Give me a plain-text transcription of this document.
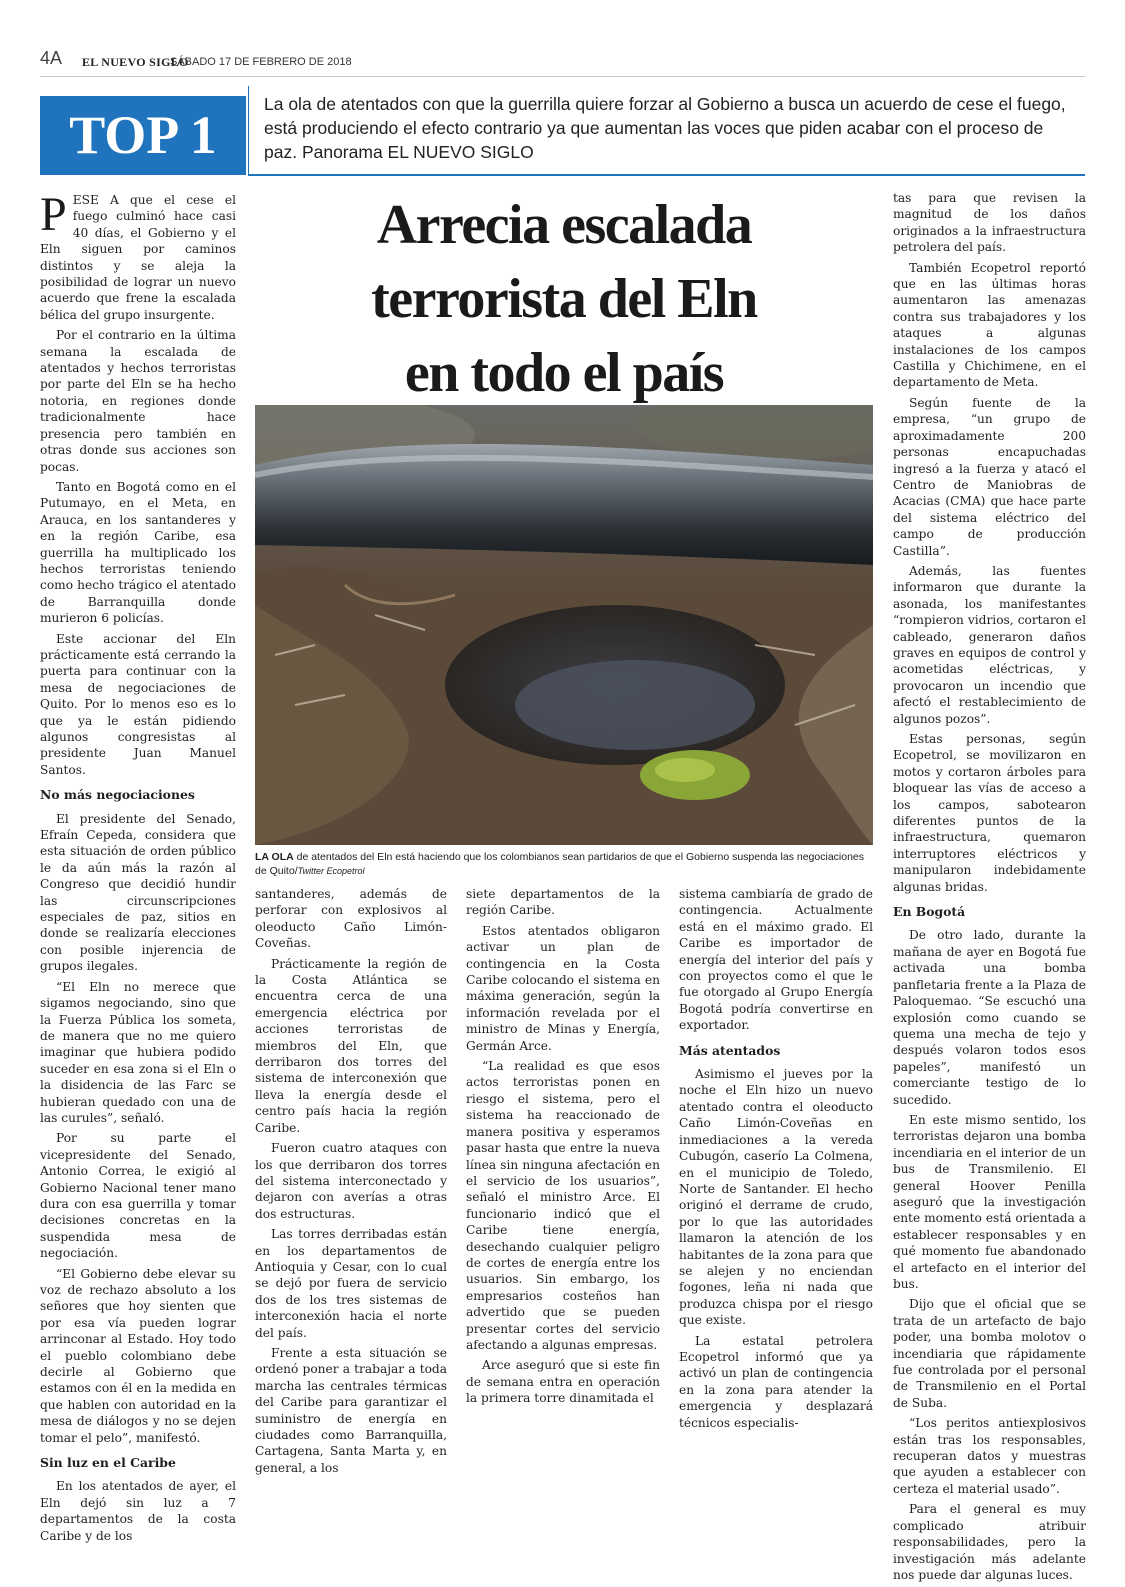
4A EL NUEVO SIGLO
SÁBADO 17 DE FEBRERO DE 2018
TOP 1
La ola de atentados con que la guerrilla quiere forzar al Gobierno a busca un acuerdo de cese el fuego, está produciendo el efecto contrario ya que aumentan las voces que piden acabar con el proceso de paz. Panorama EL NUEVO SIGLO
Arrecia escalada
terrorista del Eln
en todo el país
LA OLA de atentados del Eln está haciendo que los colombianos sean partidarios de que el Gobierno suspenda las negociaciones de Quito/Twitter Ecopetrol

PESE A que el cese el fuego culminó hace casi 40 días, el Gobierno y el Eln siguen por caminos distintos y se aleja la posibilidad de lograr un nuevo acuerdo que frene la escalada bélica del grupo insurgente.

Por el contrario en la última semana la escalada de atentados y hechos terroristas por parte del Eln se ha hecho notoria, en regiones donde tradicionalmente hace presencia pero también en otras donde sus acciones son pocas.

Tanto en Bogotá como en el Putumayo, en el Meta, en Arauca, en los santanderes y en la región Caribe, esa guerrilla ha multiplicado los hechos terroristas teniendo como hecho trágico el atentado de Barranquilla donde murieron 6 policías.

Este accionar del Eln prácticamente está cerrando la puerta para continuar con la mesa de negociaciones de Quito. Por lo menos eso es lo que ya le están pidiendo algunos congresistas al presidente Juan Manuel Santos.

No más negociaciones

El presidente del Senado, Efraín Cepeda, considera que esta situación de orden público le da aún más la razón al Congreso que decidió hundir las circunscripciones especiales de paz, sitios en donde se realizaría elecciones con posible injerencia de grupos ilegales.

“El Eln no merece que sigamos negociando, sino que la Fuerza Pública los someta, de manera que no me quiero imaginar que hubiera podido suceder en esa zona si el Eln o la disidencia de las Farc se hubieran quedado con una de las curules”, señaló.

Por su parte el vicepresidente del Senado, Antonio Correa, le exigió al Gobierno Nacional tener mano dura con esa guerrilla y tomar decisiones concretas en la suspendida mesa de negociación.

“El Gobierno debe elevar su voz de rechazo absoluto a los señores que hoy sienten que por esa vía pueden lograr arrinconar al Estado. Hoy todo el pueblo colombiano debe decirle al Gobierno que estamos con él en la medida en que hablen con autoridad en la mesa de diálogos y no se dejen tomar el pelo”, manifestó.

Sin luz en el Caribe

En los atentados de ayer, el Eln dejó sin luz a 7 departamentos de la costa Caribe y de los

santanderes, además de perforar con explosivos al oleoducto Caño Limón-Coveñas.

Prácticamente la región de la Costa Atlántica se encuentra cerca de una emergencia eléctrica por acciones terroristas de miembros del Eln, que derribaron dos torres del sistema de interconexión que lleva la energía desde el centro país hacia la región Caribe.

Fueron cuatro ataques con los que derribaron dos torres del sistema interconectado y dejaron con averías a otras dos estructuras.

Las torres derribadas están en los departamentos de Antioquia y Cesar, con lo cual se dejó por fuera de servicio dos de los tres sistemas de interconexión hacia el norte del país.

Frente a esta situación se ordenó poner a trabajar a toda marcha las centrales térmicas del Caribe para garantizar el suministro de energía en ciudades como Barranquilla, Cartagena, Santa Marta y, en general, a los

siete departamentos de la región Caribe.

Estos atentados obligaron activar un plan de contingencia en la Costa Caribe colocando el sistema en máxima generación, según la información revelada por el ministro de Minas y Energía, Germán Arce.

“La realidad es que esos actos terroristas ponen en riesgo el sistema, pero el sistema ha reaccionado de manera positiva y esperamos pasar hasta que entre la nueva línea sin ninguna afectación en el servicio de los usuarios”, señaló el ministro Arce. El funcionario indicó que el Caribe tiene energía, desechando cualquier peligro de cortes de energía entre los usuarios. Sin embargo, los empresarios costeños han advertido que se pueden presentar cortes del servicio afectando a algunas empresas.

Arce aseguró que si este fin de semana entra en operación la primera torre dinamitada el

sistema cambiaría de grado de contingencia. Actualmente está en el máximo grado. El Caribe es importador de energía del interior del país y con proyectos como el que le fue otorgado al Grupo Energía Bogotá podría convertirse en exportador.

Más atentados

Asimismo el jueves por la noche el Eln hizo un nuevo atentado contra el oleoducto Caño Limón-Coveñas en inmediaciones a la vereda Cubugón, caserío La Colmena, en el municipio de Toledo, Norte de Santander. El hecho originó el derrame de crudo, por lo que las autoridades llamaron la atención de los habitantes de la zona para que se alejen y no enciendan fogones, leña ni nada que produzca chispa por el riesgo que existe.

La estatal petrolera Ecopetrol informó que ya activó un plan de contingencia en la zona para atender la emergencia y desplazará técnicos especialis-

tas para que revisen la magnitud de los daños originados a la infraestructura petrolera del país.

También Ecopetrol reportó que en las últimas horas aumentaron las amenazas contra sus trabajadores y los ataques a algunas instalaciones de los campos Castilla y Chichimene, en el departamento de Meta.

Según fuente de la empresa, “un grupo de aproximadamente 200 personas encapuchadas ingresó a la fuerza y atacó el Centro de Maniobras de Acacias (CMA) que hace parte del sistema eléctrico del campo de producción Castilla”.

Además, las fuentes informaron que durante la asonada, los manifestantes “rompieron vidrios, cortaron el cableado, generaron daños graves en equipos de control y acometidas eléctricas, y provocaron un incendio que afectó el restablecimiento de algunos pozos”.

Estas personas, según Ecopetrol, se movilizaron en motos y cortaron árboles para bloquear las vías de acceso a los campos, sabotearon diferentes puntos de la infraestructura, quemaron interruptores eléctricos y manipularon indebidamente algunas bridas.

En Bogotá

De otro lado, durante la mañana de ayer en Bogotá fue activada una bomba panfletaria frente a la Plaza de Paloquemao. “Se escuchó una explosión como cuando se quema una mecha de tejo y después volaron todos esos papeles”, manifestó un comerciante testigo de lo sucedido.

En este mismo sentido, los terroristas dejaron una bomba incendiaria en el interior de un bus de Transmilenio. El general Hoover Penilla aseguró que la investigación ente momento está orientada a establecer responsables y en qué momento fue abandonado el artefacto en el interior del bus.

Dijo que el oficial que se trata de un artefacto de bajo poder, una bomba molotov o incendiaria que rápidamente fue controlada por el personal de Transmilenio en el Portal de Suba.

“Los peritos antiexplosivos están tras los responsables, recuperan datos y muestras que ayuden a establecer con certeza el material usado”.

Para el general es muy complicado atribuir responsabilidades, pero la investigación más adelante nos puede dar algunas luces.
